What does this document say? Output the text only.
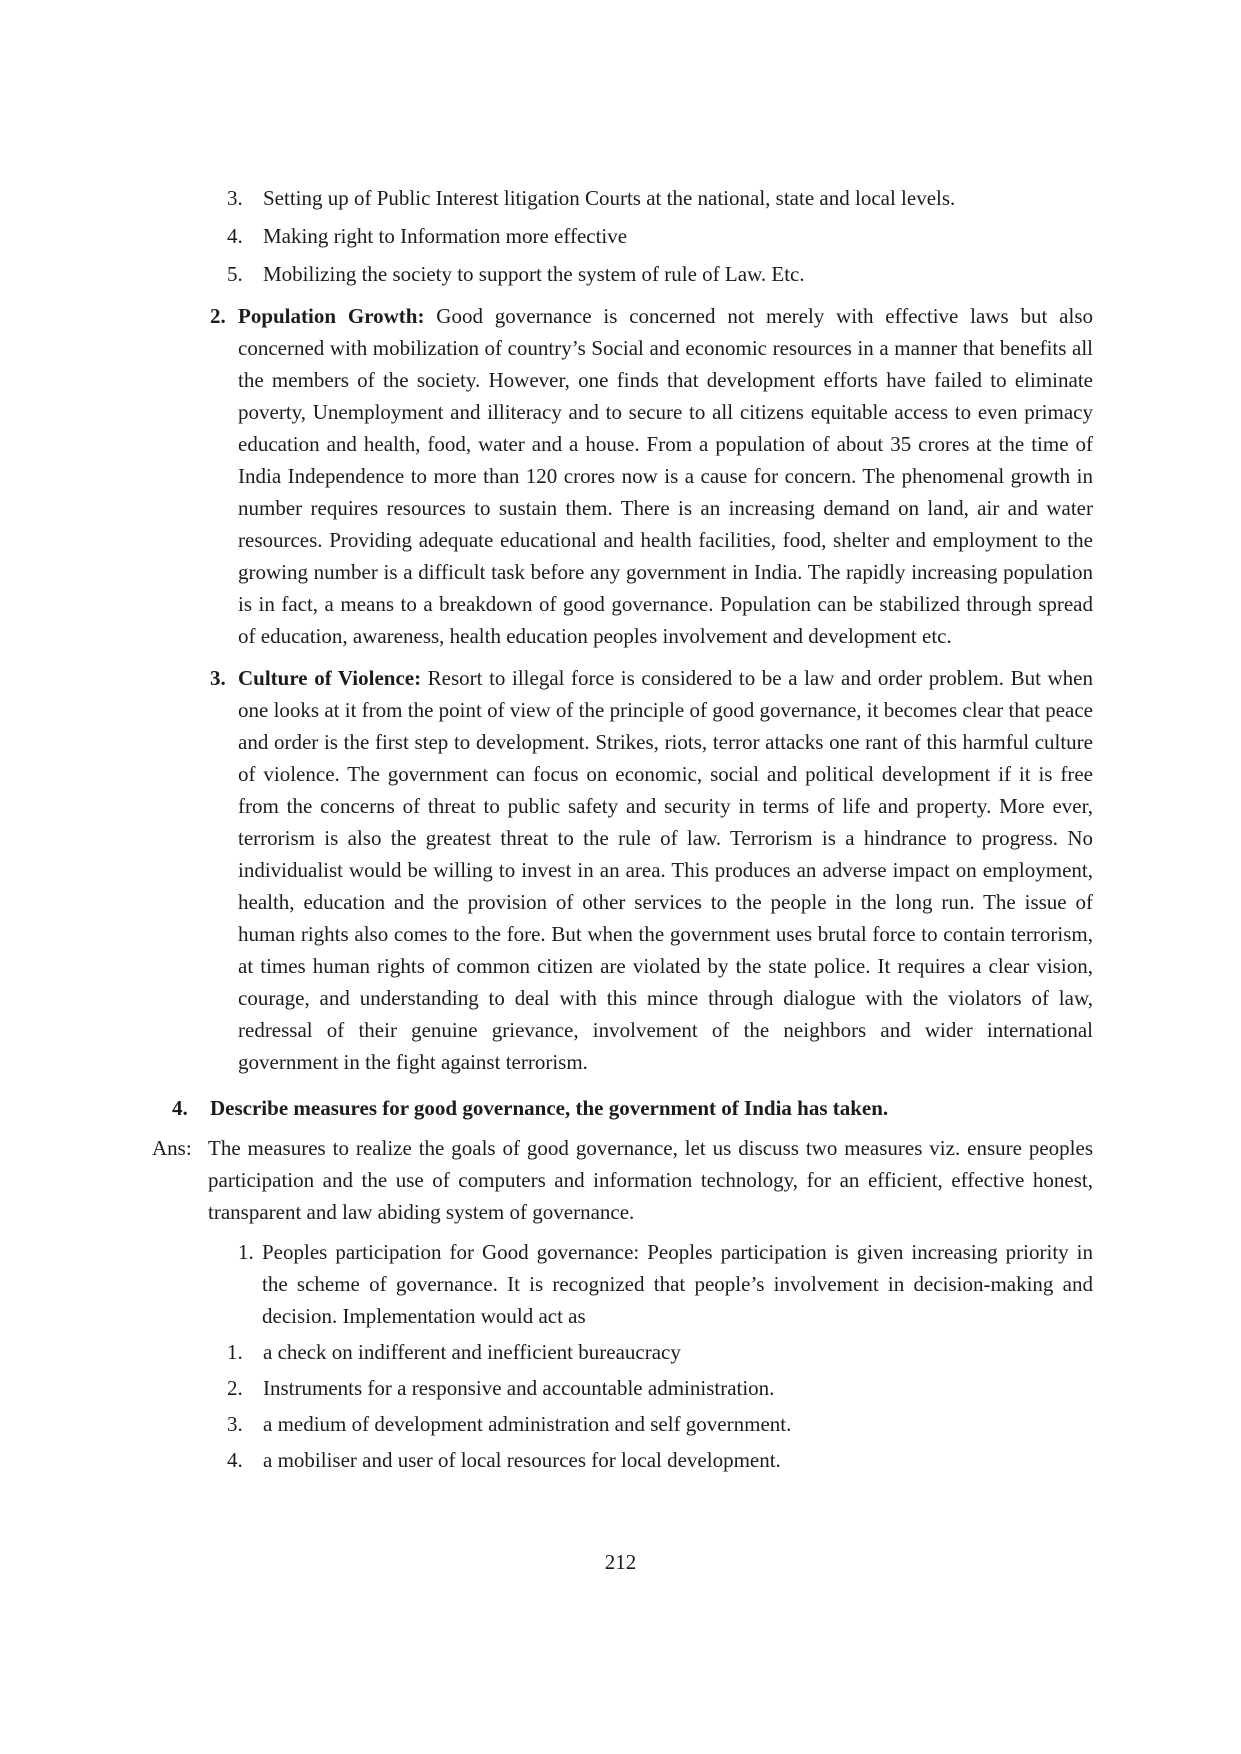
3. Setting up of Public Interest litigation Courts at the national, state and local levels.
4. Making right to Information more effective
5. Mobilizing the society to support the system of rule of Law. Etc.
2. Population Growth: Good governance is concerned not merely with effective laws but also concerned with mobilization of country’s Social and economic resources in a manner that benefits all the members of the society. However, one finds that development efforts have failed to eliminate poverty, Unemployment and illiteracy and to secure to all citizens equitable access to even primacy education and health, food, water and a house. From a population of about 35 crores at the time of India Independence to more than 120 crores now is a cause for concern. The phenomenal growth in number requires resources to sustain them. There is an increasing demand on land, air and water resources. Providing adequate educational and health facilities, food, shelter and employment to the growing number is a difficult task before any government in India. The rapidly increasing population is in fact, a means to a breakdown of good governance. Population can be stabilized through spread of education, awareness, health education peoples involvement and development etc.
3. Culture of Violence: Resort to illegal force is considered to be a law and order problem. But when one looks at it from the point of view of the principle of good governance, it becomes clear that peace and order is the first step to development. Strikes, riots, terror attacks one rant of this harmful culture of violence. The government can focus on economic, social and political development if it is free from the concerns of threat to public safety and security in terms of life and property. More ever, terrorism is also the greatest threat to the rule of law. Terrorism is a hindrance to progress. No individualist would be willing to invest in an area. This produces an adverse impact on employment, health, education and the provision of other services to the people in the long run. The issue of human rights also comes to the fore. But when the government uses brutal force to contain terrorism, at times human rights of common citizen are violated by the state police. It requires a clear vision, courage, and understanding to deal with this mince through dialogue with the violators of law, redressal of their genuine grievance, involvement of the neighbors and wider international government in the fight against terrorism.
4.	Describe measures for good governance, the government of India has taken.
Ans: The measures to realize the goals of good governance, let us discuss two measures viz. ensure peoples participation and the use of computers and information technology, for an efficient, effective honest, transparent and law abiding system of governance.
1. Peoples participation for Good governance: Peoples participation is given increasing priority in the scheme of governance. It is recognized that people’s involvement in decision-making and decision. Implementation would act as
1. a check on indifferent and inefficient bureaucracy
2. Instruments for a responsive and accountable administration.
3. a medium of development administration and self government.
4. a mobiliser and user of local resources for local development.
212
